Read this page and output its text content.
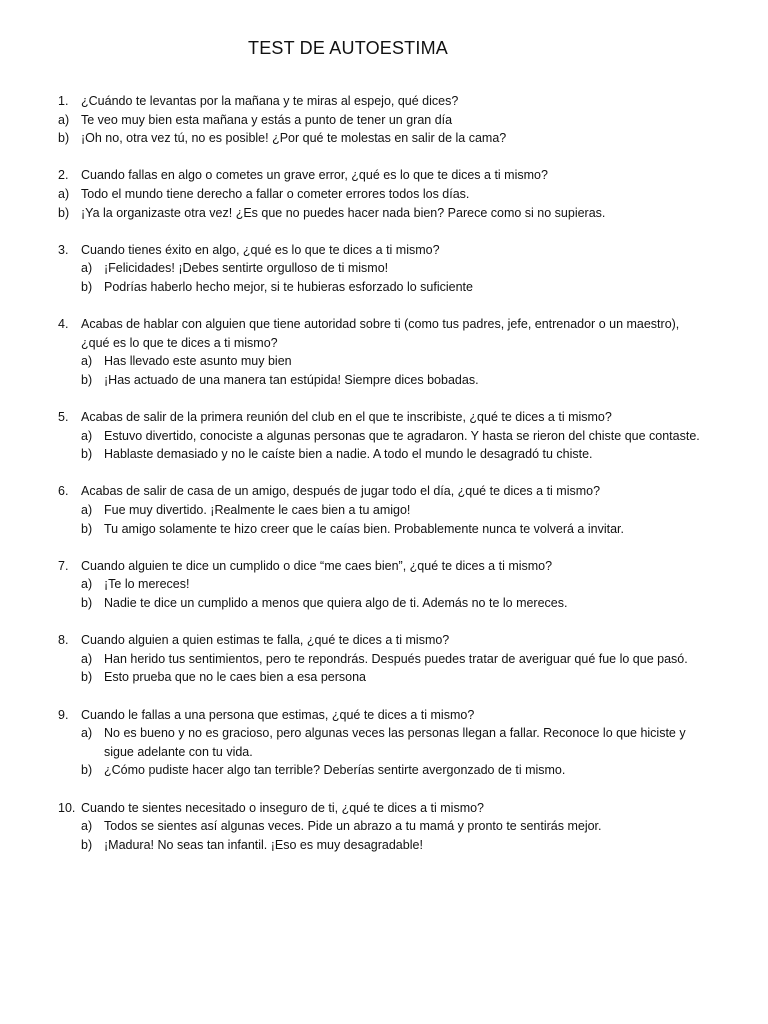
TEST DE AUTOESTIMA
1.	¿Cuándo te levantas por la mañana y te miras al espejo, qué dices?
a) Te veo muy bien esta mañana y estás a punto de tener un gran día
b) ¡Oh no, otra vez tú, no es posible! ¿Por qué te molestas en salir de la cama?
2.	Cuando fallas en algo o cometes un grave error, ¿qué es lo que te dices a ti mismo?
a) Todo el mundo tiene derecho a fallar o cometer errores todos los días.
b) ¡Ya la organizaste otra vez! ¿Es que no puedes hacer nada bien? Parece como si no supieras.
3.	Cuando tienes éxito en algo, ¿qué es lo que te dices a ti mismo?
a) ¡Felicidades! ¡Debes sentirte orgulloso de ti mismo!
b) Podrías haberlo hecho mejor, si te hubieras esforzado lo suficiente
4.	Acabas de hablar con alguien que tiene autoridad sobre ti (como tus padres, jefe, entrenador o un maestro), ¿qué es lo que te dices a ti mismo?
a) Has llevado este asunto muy bien
b) ¡Has actuado de una manera tan estúpida! Siempre dices bobadas.
5.	Acabas de salir de la primera reunión del club en el que te inscribiste, ¿qué te dices a ti mismo?
a) Estuvo divertido, conociste a algunas personas que te agradaron. Y hasta se rieron del chiste que contaste.
b) Hablaste demasiado y no le caíste bien a nadie. A todo el mundo le desagradó tu chiste.
6.	Acabas de salir de casa de un amigo, después de jugar todo el día, ¿qué te dices a ti mismo?
a) Fue muy divertido. ¡Realmente le caes bien a tu amigo!
b) Tu amigo solamente te hizo creer que le caías bien. Probablemente nunca te volverá a invitar.
7.	Cuando alguien te dice un cumplido o dice “me caes bien”, ¿qué te dices a ti mismo?
a) ¡Te lo mereces!
b) Nadie te dice un cumplido a menos que quiera algo de ti. Además no te lo mereces.
8.	Cuando alguien a quien estimas te falla, ¿qué te dices a ti mismo?
a) Han herido tus sentimientos, pero te repondrás. Después puedes tratar de averiguar qué fue lo que pasó.
b) Esto prueba que no le caes bien a esa persona
9.	Cuando le fallas a una persona que estimas, ¿qué te dices a ti mismo?
a) No es bueno y no es gracioso, pero algunas veces las personas llegan a fallar. Reconoce lo que hiciste y sigue adelante con tu vida.
b) ¿Cómo pudiste hacer algo tan terrible? Deberías sentirte avergonzado de ti mismo.
10. Cuando te sientes necesitado o inseguro de ti, ¿qué te dices a ti mismo?
a) Todos se sientes así algunas veces. Pide un abrazo a tu mamá y pronto te sentirás mejor.
b) ¡Madura! No seas tan infantil. ¡Eso es muy desagradable!
